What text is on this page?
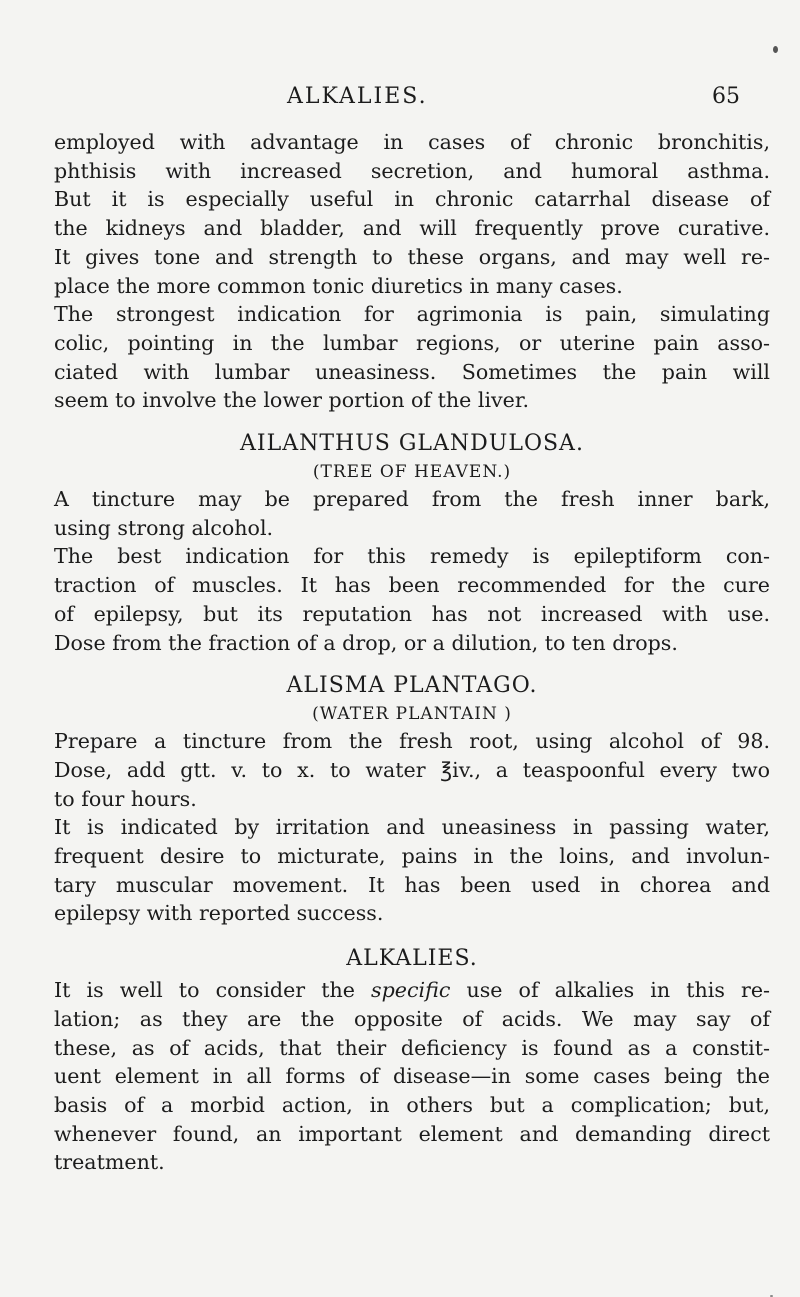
ALKALIES.	65
employed with advantage in cases of chronic bronchitis,
phthisis with increased secretion, and humoral asthma.
But it is especially useful in chronic catarrhal disease of
the kidneys and bladder, and will frequently prove curative.
It gives tone and strength to these organs, and may well re-
place the more common tonic diuretics in many cases.
The strongest indication for agrimonia is pain, simulating
colic, pointing in the lumbar regions, or uterine pain asso-
ciated with lumbar uneasiness. Sometimes the pain will
seem to involve the lower portion of the liver.
AILANTHUS GLANDULOSA.
(TREE OF HEAVEN.)
A tincture may be prepared from the fresh inner bark,
using strong alcohol.
The best indication for this remedy is epileptiform con-
traction of muscles. It has been recommended for the cure
of epilepsy, but its reputation has not increased with use.
Dose from the fraction of a drop, or a dilution, to ten drops.
ALISMA PLANTAGO.
(WATER PLANTAIN )
Prepare a tincture from the fresh root, using alcohol of 98.
Dose, add gtt. v. to x. to water ℥iv., a teaspoonful every two
to four hours.
It is indicated by irritation and uneasiness in passing water,
frequent desire to micturate, pains in the loins, and involun-
tary muscular movement. It has been used in chorea and
epilepsy with reported success.
ALKALIES.
It is well to consider the specific use of alkalies in this re-
lation; as they are the opposite of acids. We may say of
these, as of acids, that their deficiency is found as a constit-
uent element in all forms of disease—in some cases being the
basis of a morbid action, in others but a complication; but,
whenever found, an important element and demanding direct
treatment.
